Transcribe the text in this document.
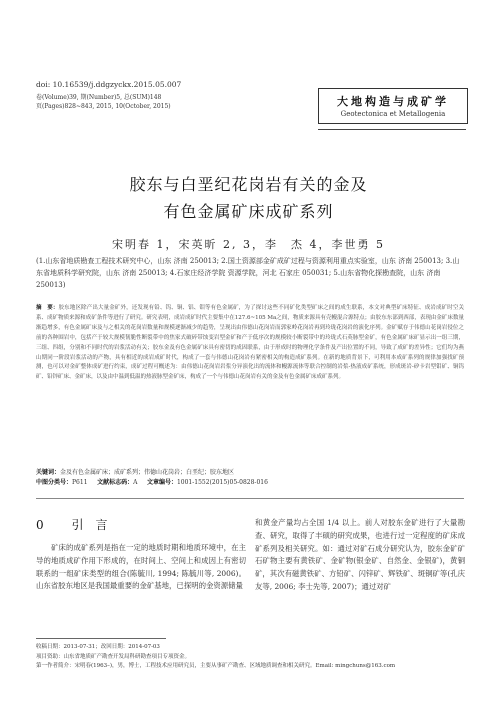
doi: 10.16539/j.ddgzyckx.2015.05.007
卷(Volume)39, 期(Number)5, 总(SUM)148
页(Pages)828~843, 2015, 10(October, 2015)	大地构造与成矿学
Geotectonica et Metallogenia
胶东与白垩纪花岗岩有关的金及
有色金属矿床成矿系列
宋明春 1，宋英昕 2, 3，李　杰 4，李世勇 5
(1.山东省地质勘查工程技术研究中心，山东 济南 250013; 2.国土资源部金矿成矿过程与资源利用重点实验室，山东 济南 250013; 3.山东省地质科学研究院，山东 济南 250013; 4.石家庄经济学院 资源学院，河北 石家庄 050031; 5.山东省物化探勘查院，山东 济南 250013)
摘　要：胶东地区除产出大量金矿外，还发现有铅、钨、铜、铝、钼等有色金属矿，为了探讨这些不同矿化类型矿床之间的成生联系，本文对典型矿床特征、成岩成矿时空关系、成矿物质来源和成矿条件等进行了研究。研究表明，成岩成矿时代主要集中在127.6~105 Ma之间，物质来源具有壳幔混合源特点；由胶东东部到西部，表现由金矿床数量渐趋增多，有色金属矿床及与之相关的花岗岩数量和规模逐渐减少的趋势，呈现出由伟德山花岗岩而郭家岭花岗岩再到玲珑花岗岩的演化序列。金矿赋存于伟德山花岗岩侵位之前的各种围岩中，包括产于较大规模韧脆性断裂带中的焦家式破碎带蚀变岩型金矿和产于低序次的规模较小断裂带中的玲珑式石英脉型金矿，有色金属矿床矿显示出一组三期，三组、四组，分别和不同时代的岩浆活动有关；胶东金及有色金属矿床具有密切的成因联系，由于形成时的物理化学条件及产出位置的不同，导致了成矿的差异性；它们均为燕山期同一阶段岩浆活动的产物，具有相近的成岩成矿时代，构成了一套与伟德山花岗岩有紧密相关的构造成矿系列。在新的地质背景下，可利用本成矿系列的规律加强找矿预测，也可以对金矿整体成矿进行约束，成矿过程可概述为：由伟德山花岗岩岩浆分异演化出的流体和幔源流体等联合控制的岩浆-热液成矿系统，形成斑岩-矽卡岩型钼矿、铜钨矿、铅锌矿床、金矿床，以及由中温到低温的热液脉型金矿床，构成了一个与伟德山花岗岩有关的金及有色金属矿床成矿系列。
关键词：金及有色金属矿床；成矿系列；伟德山花岗岩；白垩纪；胶东地区
中图分类号：P611 文献标志码：A 文章编号：1001-1552(2015)05-0828-016
0 引言

矿床的成矿系列是指在一定的地质时期和地质环境中，在主导的地质成矿作用下形成的，在时间上、空间上和成因上有密切联系的一组矿床类型的组合(陈毓川, 1994; 陈毓川等, 2006)。山东省胶东地区是我国最重要的金矿基地，已探明的金资源储量

和黄金产量均占全国 1/4 以上。前人对胶东金矿进行了大量勘查、研究，取得了丰硕的研究成果，也进行过一定程度的矿床成矿系列及相关研究。如：通过对矿石成分研究认为，胶东金矿矿石矿物主要有黄铁矿、金矿物(银金矿、自然金、金银矿)，黄铜矿，其次有磁黄铁矿、方铅矿、闪锌矿、辉铁矿、斑铜矿等(孔庆友等, 2006; 李士先等, 2007)；通过对矿

收稿日期：2013-07-31；改回日期：2014-07-03
项目资助：山东省地质矿产勘查开发局科研勘查项目专项资金。
第一作者简介：宋明春(1963–)，男，博士，工程技术应用研究员，主要从事矿产勘查、区域地质调查和相关研究。Email: mingchuns@163.com
